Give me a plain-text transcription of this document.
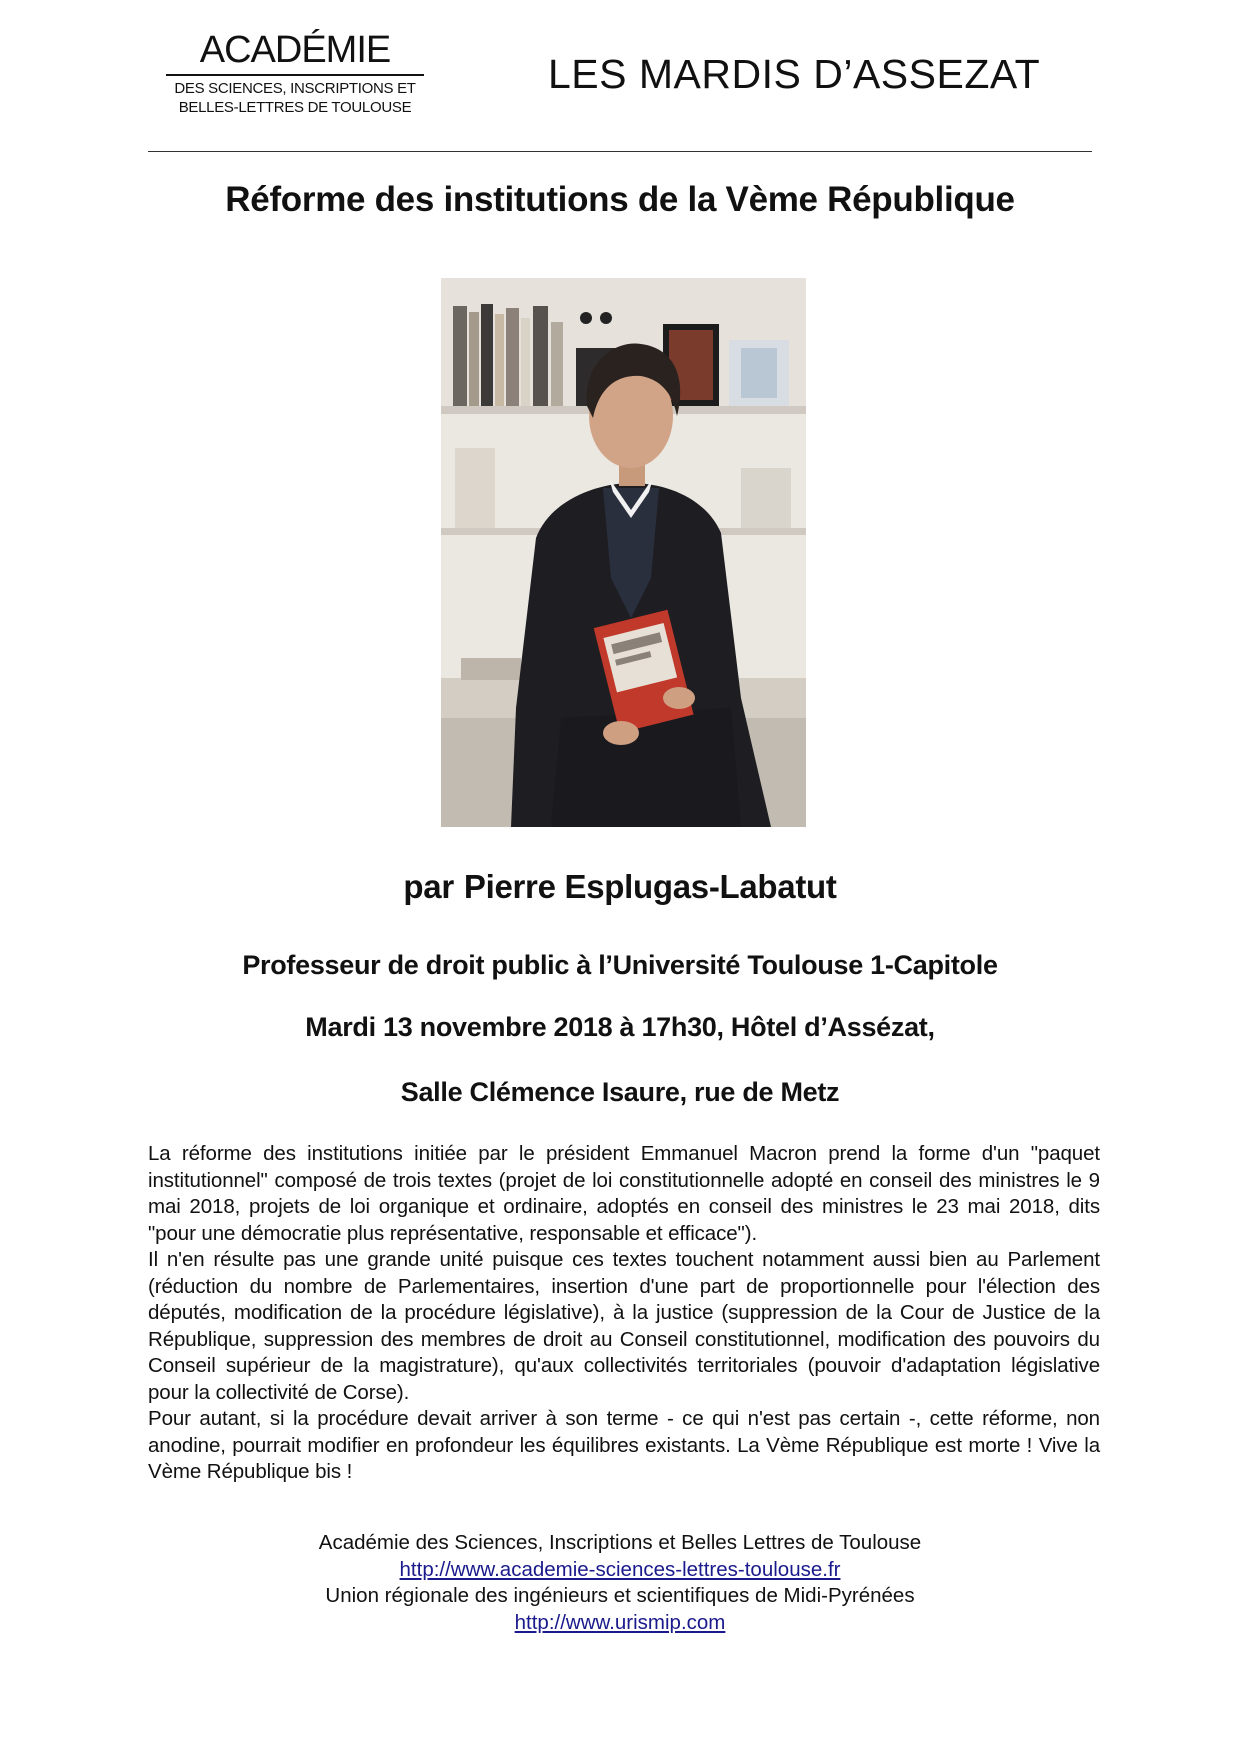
ACADÉMIE
DES SCIENCES, INSCRIPTIONS ET
BELLES-LETTRES DE TOULOUSE
LES MARDIS D’ASSEZAT
Réforme des institutions de la Vème République
par Pierre Esplugas-Labatut
Professeur de droit public à l’Université Toulouse 1-Capitole
Mardi 13 novembre 2018 à 17h30, Hôtel d’Assézat,
Salle Clémence Isaure, rue de Metz

La réforme des institutions initiée par le président Emmanuel Macron prend la forme d'un "paquet institutionnel" composé de trois textes (projet de loi constitutionnelle adopté en conseil des ministres le 9 mai 2018, projets de loi organique et ordinaire, adoptés en conseil des ministres le 23 mai 2018, dits "pour une démocratie plus représentative, responsable et efficace").

Il n'en résulte pas une grande unité puisque ces textes touchent notamment aussi bien au Parlement (réduction du nombre de Parlementaires, insertion d'une part de proportionnelle pour l'élection des députés, modification de la procédure législative), à la justice (suppression de la Cour de Justice de la République, suppression des membres de droit au Conseil constitutionnel, modification des pouvoirs du Conseil supérieur de la magistrature), qu'aux collectivités territoriales (pouvoir d'adaptation législative pour la collectivité de Corse).

Pour autant, si la procédure devait arriver à son terme - ce qui n'est pas certain -, cette réforme, non anodine, pourrait modifier en profondeur les équilibres existants. La Vème République est morte ! Vive la Vème République bis !

Académie des Sciences, Inscriptions et Belles Lettres de Toulouse
http://www.academie-sciences-lettres-toulouse.fr
Union régionale des ingénieurs et scientifiques de Midi-Pyrénées
http://www.urismip.com
